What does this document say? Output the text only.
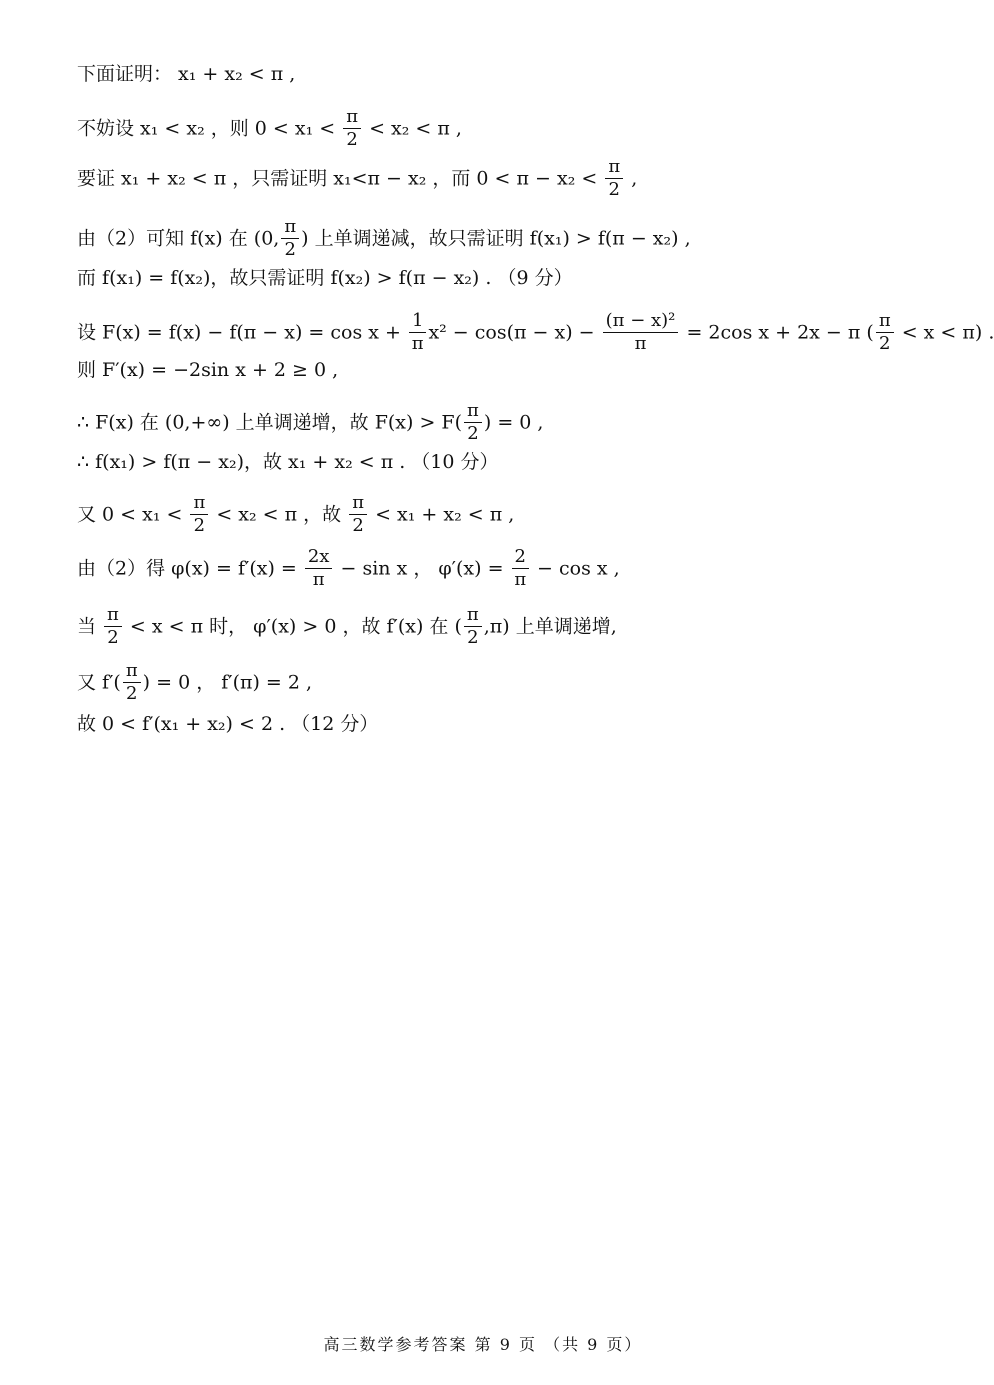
下面证明： x₁ + x₂ < π ,
不妨设 x₁ < x₂ ，则 $0 < x_1 < \frac{\pi}{2} < x_2 < \pi$ ,
要证 x₁ + x₂ < π ，只需证明 x₁<π − x₂ ，而 $0 < \pi - x_2 < \frac{\pi}{2}$ ,
由（2）可知 f(x) 在 (0, $\frac{\pi}{2}$ ) 上单调递减，故只需证明 f(x₁) > f(π − x₂) ,
而 f(x₁) = f(x₂)，故只需证明 f(x₂) > f(π − x₂) . （9 分）
设 $F(x) = f(x) - f(\pi - x) = \cos x + \frac{1}{\pi} x^2 - \cos(\pi - x) - \frac{\text{(π − x)²}}{\pi} = 2\cos$ x + 2x − π ( $\frac{\pi}{2} < x < \pi$) .
则 F′(x) = −2sin x + 2 ≥ 0 ,
∴ F(x) 在 (0,+∞) 上单调递增，故 $F(x) > F( \frac{\pi}{2}$ ) = 0 ,
∴ f(x₁) > f(π − x₂)，故 x₁ + x₂ < π . （10 分）
又 $0 < x_1 < \frac{\pi}{2} < x_2 < \pi$ ，故 $\frac{\pi}{2} < x_1 + x_2 < \pi$ ,
由（2）得 $\varphi(x) = f'(x) = \frac{2x}{\pi} - \sin x$ ， $\varphi'(x) = \frac{2}{\pi} - \cos x$ ,
当 $\frac{\pi}{2} < x < \pi$ 时， φ′(x) > 0 ，故 f′(x) 在 ( $\frac{\pi}{2} ,\pi$) 上单调递增,
又 $f'( \frac{\pi}{2}$ ) = 0 ， f′(π) = 2 ,
故 0 < f′(x₁ + x₂) < 2 . （12 分）
高三数学参考答案 第 9 页 （共 9 页）
